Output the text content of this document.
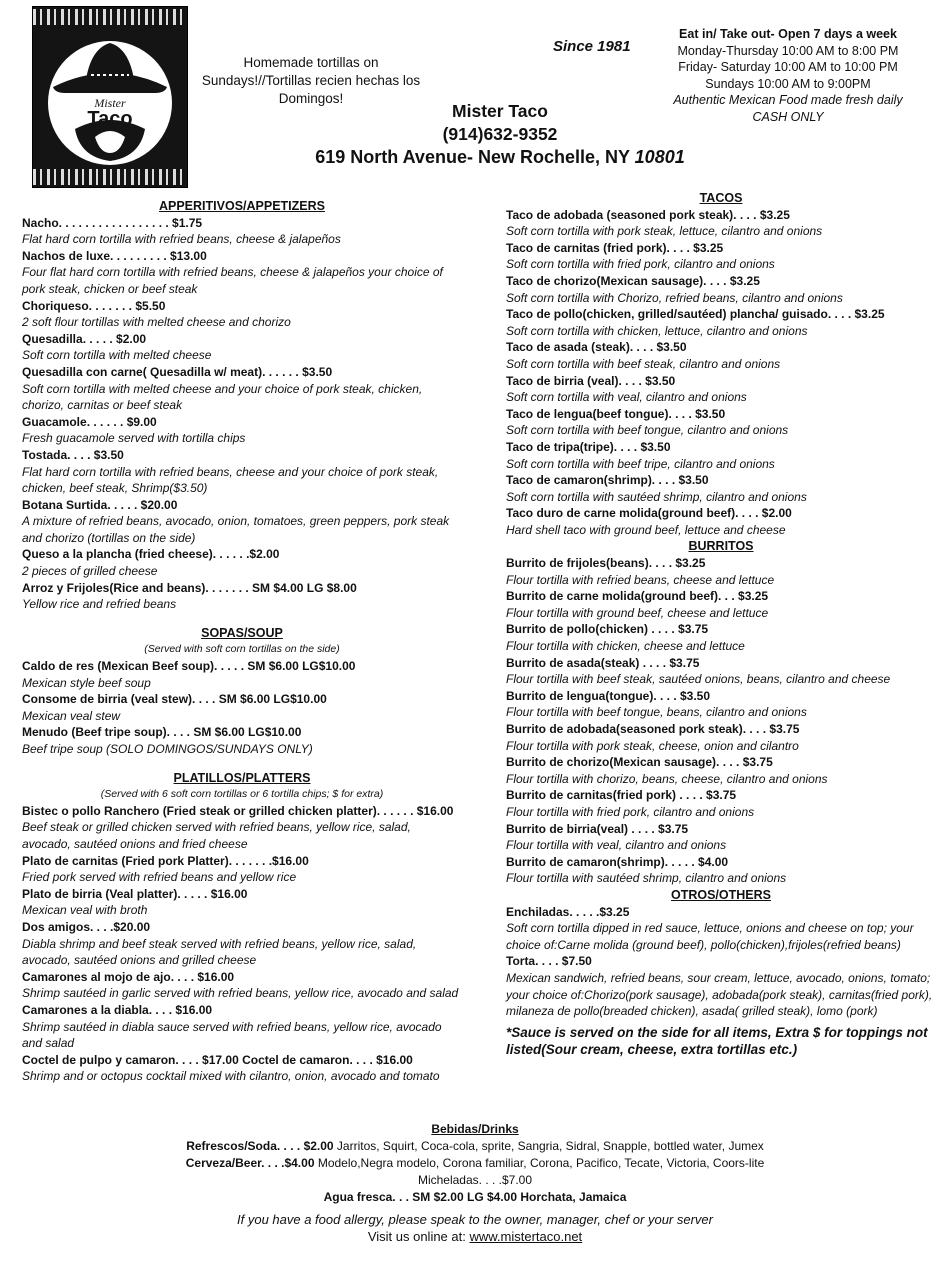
Mister
Taco
Homemade tortillas on Sundays!//Tortillas recien hechas los Domingos!
Since 1981
Eat in/ Take out- Open 7 days a week
Monday-Thursday 10:00 AM to 8:00 PM
Friday- Saturday 10:00 AM to 10:00 PM
Sundays 10:00 AM to 9:00PM
Authentic Mexican Food made fresh daily
CASH ONLY
Mister Taco
(914)632-9352
619 North Avenue- New Rochelle, NY 10801
APPERITIVOS/APPETIZERS
Nacho. . . . . . . . . . . . . . . . . $1.75
Flat hard corn tortilla with refried beans, cheese & jalapeños
Nachos de luxe. . . . . . . . . $13.00
Four flat hard corn tortilla with refried beans, cheese & jalapeños your choice of pork steak, chicken or beef steak
Choriqueso. . . . . . . $5.50
2 soft flour tortillas with melted cheese and chorizo
Quesadilla. . . . . $2.00
Soft corn tortilla with melted cheese
Quesadilla con carne( Quesadilla w/ meat). . . . . . $3.50
Soft corn tortilla with melted cheese and your choice of pork steak, chicken, chorizo, carnitas or beef steak
Guacamole. . . . . . $9.00
Fresh guacamole served with tortilla chips
Tostada. . . . $3.50
Flat hard corn tortilla with refried beans, cheese and your choice of pork steak, chicken, beef steak, Shrimp($3.50)
Botana Surtida. . . . . $20.00
A mixture of refried beans, avocado, onion, tomatoes, green peppers, pork steak and chorizo (tortillas on the side)
Queso a la plancha (fried cheese). . . . . .$2.00
2 pieces of grilled cheese
Arroz y Frijoles(Rice and beans). . . . . . . SM $4.00 LG $8.00
Yellow rice and refried beans
SOPAS/SOUP
(Served with soft corn tortillas on the side)
Caldo de res (Mexican Beef soup). . . . . SM $6.00 LG$10.00
Mexican style beef soup
Consome de birria (veal stew). . . . SM $6.00 LG$10.00
Mexican veal stew
Menudo (Beef tripe soup). . . . SM $6.00 LG$10.00
Beef tripe soup (SOLO DOMINGOS/SUNDAYS ONLY)
PLATILLOS/PLATTERS
(Served with 6 soft corn tortillas or 6 tortilla chips; $ for extra)
Bistec o pollo Ranchero (Fried steak or grilled chicken platter). . . . . . $16.00
Beef steak or grilled chicken served with refried beans, yellow rice, salad, avocado, sautéed onions and fried cheese
Plato de carnitas (Fried pork Platter). . . . . . .$16.00
Fried pork served with refried beans and yellow rice
Plato de birria (Veal platter). . . . . $16.00
Mexican veal with broth
Dos amigos. . . .$20.00
Diabla shrimp and beef steak served with refried beans, yellow rice, salad, avocado, sautéed onions and grilled cheese
Camarones al mojo de ajo. . . . $16.00
Shrimp sautéed in garlic served with refried beans, yellow rice, avocado and salad
Camarones a la diabla. . . . $16.00
Shrimp sautéed in diabla sauce served with refried beans, yellow rice, avocado and salad
Coctel de pulpo y camaron. . . . $17.00 Coctel de camaron. . . . $16.00
Shrimp and or octopus cocktail mixed with cilantro, onion, avocado and tomato
TACOS
Taco de adobada (seasoned pork steak). . . . $3.25
Soft corn tortilla with pork steak, lettuce, cilantro and onions
Taco de carnitas (fried pork). . . . $3.25
Soft corn tortilla with fried pork, cilantro and onions
Taco de chorizo(Mexican sausage). . . . $3.25
Soft corn tortilla with Chorizo, refried beans, cilantro and onions
Taco de pollo(chicken, grilled/sautéed) plancha/ guisado. . . . $3.25
Soft corn tortilla with chicken, lettuce, cilantro and onions
Taco de asada (steak). . . . $3.50
Soft corn tortilla with beef steak, cilantro and onions
Taco de birria (veal). . . . $3.50
Soft corn tortilla with veal, cilantro and onions
Taco de lengua(beef tongue). . . . $3.50
Soft corn tortilla with beef tongue, cilantro and onions
Taco de tripa(tripe). . . . $3.50
Soft corn tortilla with beef tripe, cilantro and onions
Taco de camaron(shrimp). . . . $3.50
Soft corn tortilla with sautéed shrimp, cilantro and onions
Taco duro de carne molida(ground beef). . . . $2.00
Hard shell taco with ground beef, lettuce and cheese
BURRITOS
Burrito de frijoles(beans). . . . $3.25
Flour tortilla with refried beans, cheese and lettuce
Burrito de carne molida(ground beef). . . $3.25
Flour tortilla with ground beef, cheese and lettuce
Burrito de pollo(chicken) . . . . $3.75
Flour tortilla with chicken, cheese and lettuce
Burrito de asada(steak) . . . . $3.75
Flour tortilla with beef steak, sautéed onions, beans, cilantro and cheese
Burrito de lengua(tongue). . . . $3.50
Flour tortilla with beef tongue, beans, cilantro and onions
Burrito de adobada(seasoned pork steak). . . . $3.75
Flour tortilla with pork steak, cheese, onion and cilantro
Burrito de chorizo(Mexican sausage). . . . $3.75
Flour tortilla with chorizo, beans, cheese, cilantro and onions
Burrito de carnitas(fried pork) . . . . $3.75
Flour tortilla with fried pork, cilantro and onions
Burrito de birria(veal) . . . . $3.75
Flour tortilla with veal, cilantro and onions
Burrito de camaron(shrimp). . . . . $4.00
Flour tortilla with sautéed shrimp, cilantro and onions
OTROS/OTHERS
Enchiladas. . . . .$3.25
Soft corn tortilla dipped in red sauce, lettuce, onions and cheese on top; your choice of:Carne molida (ground beef), pollo(chicken),frijoles(refried beans)
Torta. . . . $7.50
Mexican sandwich, refried beans, sour cream, lettuce, avocado, onions, tomato; your choice of:Chorizo(pork sausage), adobada(pork steak), carnitas(fried pork), milaneza de pollo(breaded chicken), asada( grilled steak), lomo (pork)
*Sauce is served on the side for all items, Extra $ for toppings not listed(Sour cream, cheese, extra tortillas etc.)
Bebidas/Drinks
Refrescos/Soda. . . . $2.00 Jarritos, Squirt, Coca-cola, sprite, Sangria, Sidral, Snapple, bottled water, Jumex
Cerveza/Beer. . . .$4.00 Modelo,Negra modelo, Corona familiar, Corona, Pacifico, Tecate, Victoria, Coors-lite
Micheladas. . . .$7.00
Agua fresca. . . SM $2.00 LG $4.00 Horchata, Jamaica
If you have a food allergy, please speak to the owner, manager, chef or your server
Visit us online at: www.mistertaco.net
